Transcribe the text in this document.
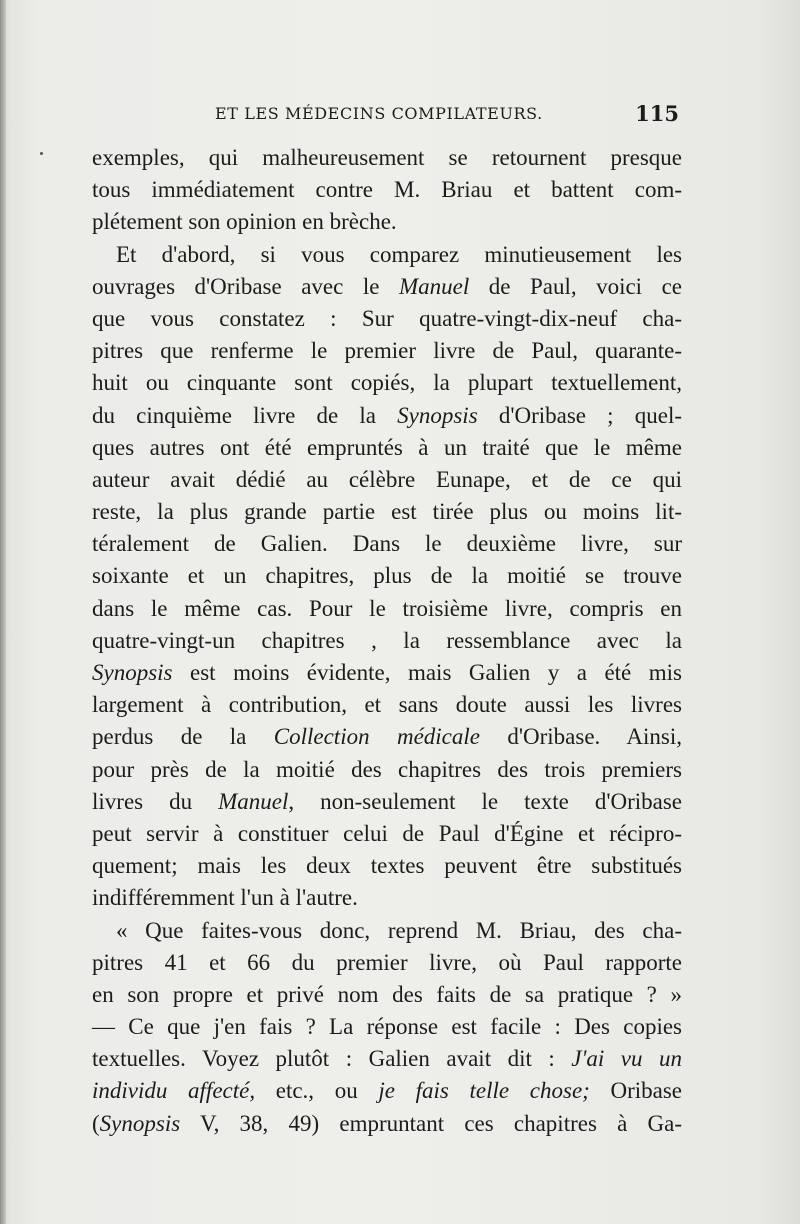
ET LES MÉDECINS COMPILATEURS.	115
exemples, qui malheureusement se retournent presque
tous immédiatement contre M. Briau et battent com-
plétement son opinion en brèche.
Et d'abord, si vous comparez minutieusement les
ouvrages d'Oribase avec le Manuel de Paul, voici ce
que vous constatez : Sur quatre-vingt-dix-neuf cha-
pitres que renferme le premier livre de Paul, quarante-
huit ou cinquante sont copiés, la plupart textuellement,
du cinquième livre de la Synopsis d'Oribase ; quel-
ques autres ont été empruntés à un traité que le même
auteur avait dédié au célèbre Eunape, et de ce qui
reste, la plus grande partie est tirée plus ou moins lit-
téralement de Galien. Dans le deuxième livre, sur
soixante et un chapitres, plus de la moitié se trouve
dans le même cas. Pour le troisième livre, compris en
quatre-vingt-un chapitres , la ressemblance avec la
Synopsis est moins évidente, mais Galien y a été mis
largement à contribution, et sans doute aussi les livres
perdus de la Collection médicale d'Oribase. Ainsi,
pour près de la moitié des chapitres des trois premiers
livres du Manuel, non-seulement le texte d'Oribase
peut servir à constituer celui de Paul d'Égine et récipro-
quement; mais les deux textes peuvent être substitués
indifféremment l'un à l'autre.
« Que faites-vous donc, reprend M. Briau, des cha-
pitres 41 et 66 du premier livre, où Paul rapporte
en son propre et privé nom des faits de sa pratique ? »
— Ce que j'en fais ? La réponse est facile : Des copies
textuelles. Voyez plutôt : Galien avait dit : J'ai vu un
individu affecté, etc., ou je fais telle chose; Oribase
(Synopsis V, 38, 49) empruntant ces chapitres à Ga-
